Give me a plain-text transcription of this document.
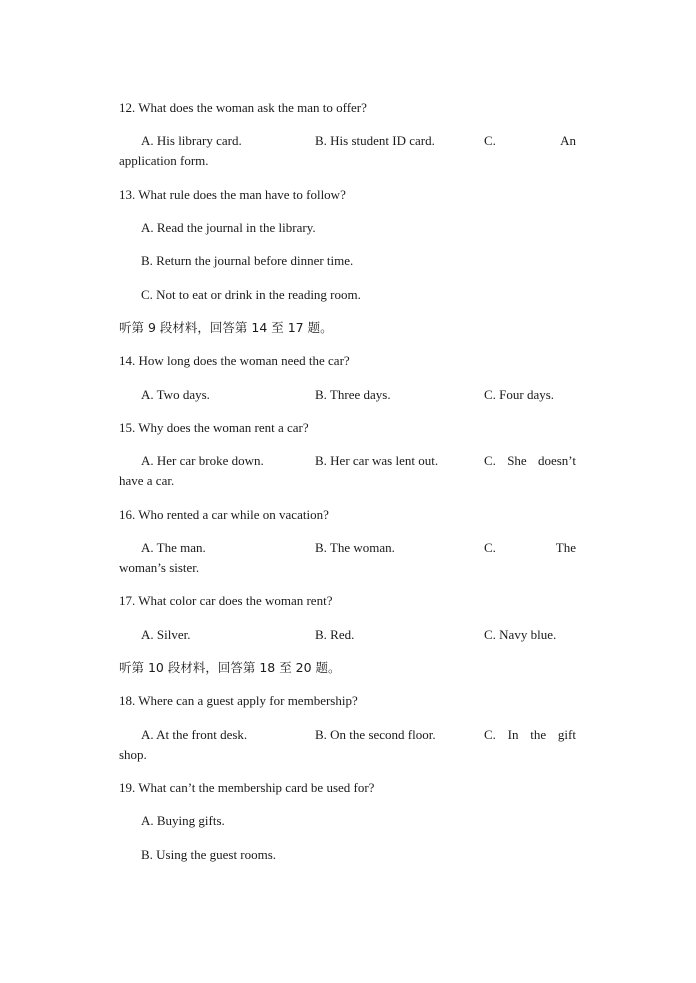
12. What does the woman ask the man to offer?
A. His library card.	B. His student ID card.	C.	An
application form.
13. What rule does the man have to follow?
A. Read the journal in the library.
B. Return the journal before dinner time.
C. Not to eat or drink in the reading room.
听第 9 段材料，回答第 14 至 17 题。
14. How long does the woman need the car?
A. Two days.	B. Three days.	C. Four days.
15. Why does the woman rent a car?
A. Her car broke down.	B. Her car was lent out.	C. She doesn’t
have a car.
16. Who rented a car while on vacation?
A. The man.	B. The woman.	C.	The
woman’s sister.
17. What color car does the woman rent?
A. Silver.	B. Red.	C. Navy blue.
听第 10 段材料，回答第 18 至 20 题。
18. Where can a guest apply for membership?
A. At the front desk.	B. On the second floor.	C. In the gift
shop.
19. What can’t the membership card be used for?
A. Buying gifts.
B. Using the guest rooms.
